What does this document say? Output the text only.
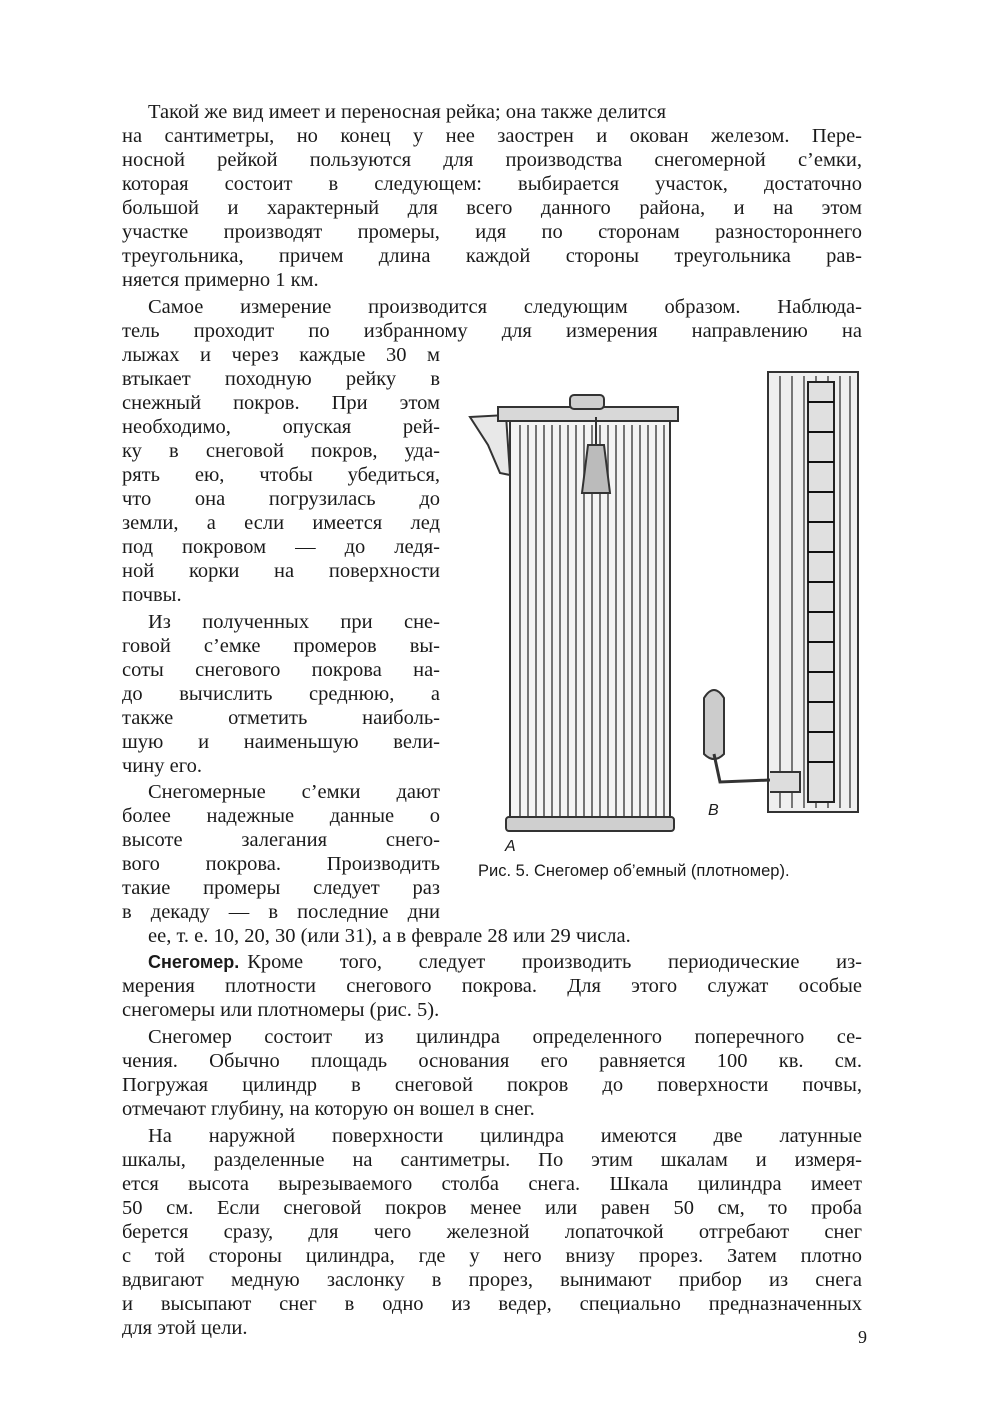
Такой же вид имеет и переносная рейка; она также делится
на сантиметры, но конец у нее заострен и окован железом. Пере-
носной рейкой пользуются для производства снегомерной с’емки,
которая состоит в следующем: выбирается участок, достаточно
большой и характерный для всего данного района, и на этом
участке производят промеры, идя по сторонам разностороннего
треугольника, причем длина каждой стороны треугольника рав-
няется примерно 1 км.
Самое измерение производится следующим образом. Наблюда-
тель проходит по избранному для измерения направлению на
лыжах и через каждые 30 м
втыкает походную рейку в
снежный покров. При этом
необходимо, опуская рей-
ку в снеговой покров, уда-
рять ею, чтобы убедиться,
что она погрузилась до
земли, а если имеется лед
под покровом — до ледя-
ной корки на поверхности
почвы.
Из полученных при сне-
говой с’емке промеров вы-
соты снегового покрова на-
до вычислить среднюю, а
также отметить наиболь-
шую и наименьшую вели-
чину его.
Снегомерные с’емки дают
более надежные данные о
высоте залегания снего-
вого покрова. Производить
такие промеры следует раз
в декаду — в последние дни
ее, т. е. 10, 20, 30 (или 31), а в феврале 28 или 29 числа.
Снегомер. Кроме того, следует производить периодические из-
мерения плотности снегового покрова. Для этого служат особые
снегомеры или плотномеры (рис. 5).
Снегомер состоит из цилиндра определенного поперечного се-
чения. Обычно площадь основания его равняется 100 кв. см.
Погружая цилиндр в снеговой покров до поверхности почвы,
отмечают глубину, на которую он вошел в снег.
На наружной поверхности цилиндра имеются две латунные
шкалы, разделенные на сантиметры. По этим шкалам и измеря-
ется высота вырезываемого столба снега. Шкала цилиндра имеет
50 см. Если снеговой покров менее или равен 50 см, то проба
берется сразу, для чего железной лопаточкой отгребают снег
с той стороны цилиндра, где у него внизу прорез. Затем плотно
вдвигают медную заслонку в прорез, вынимают прибор из снега
и высыпают снег в одно из ведер, специально предназначенных
для этой цели.
А
В
Рис. 5. Снегомер об’емный (плотномер).
9
